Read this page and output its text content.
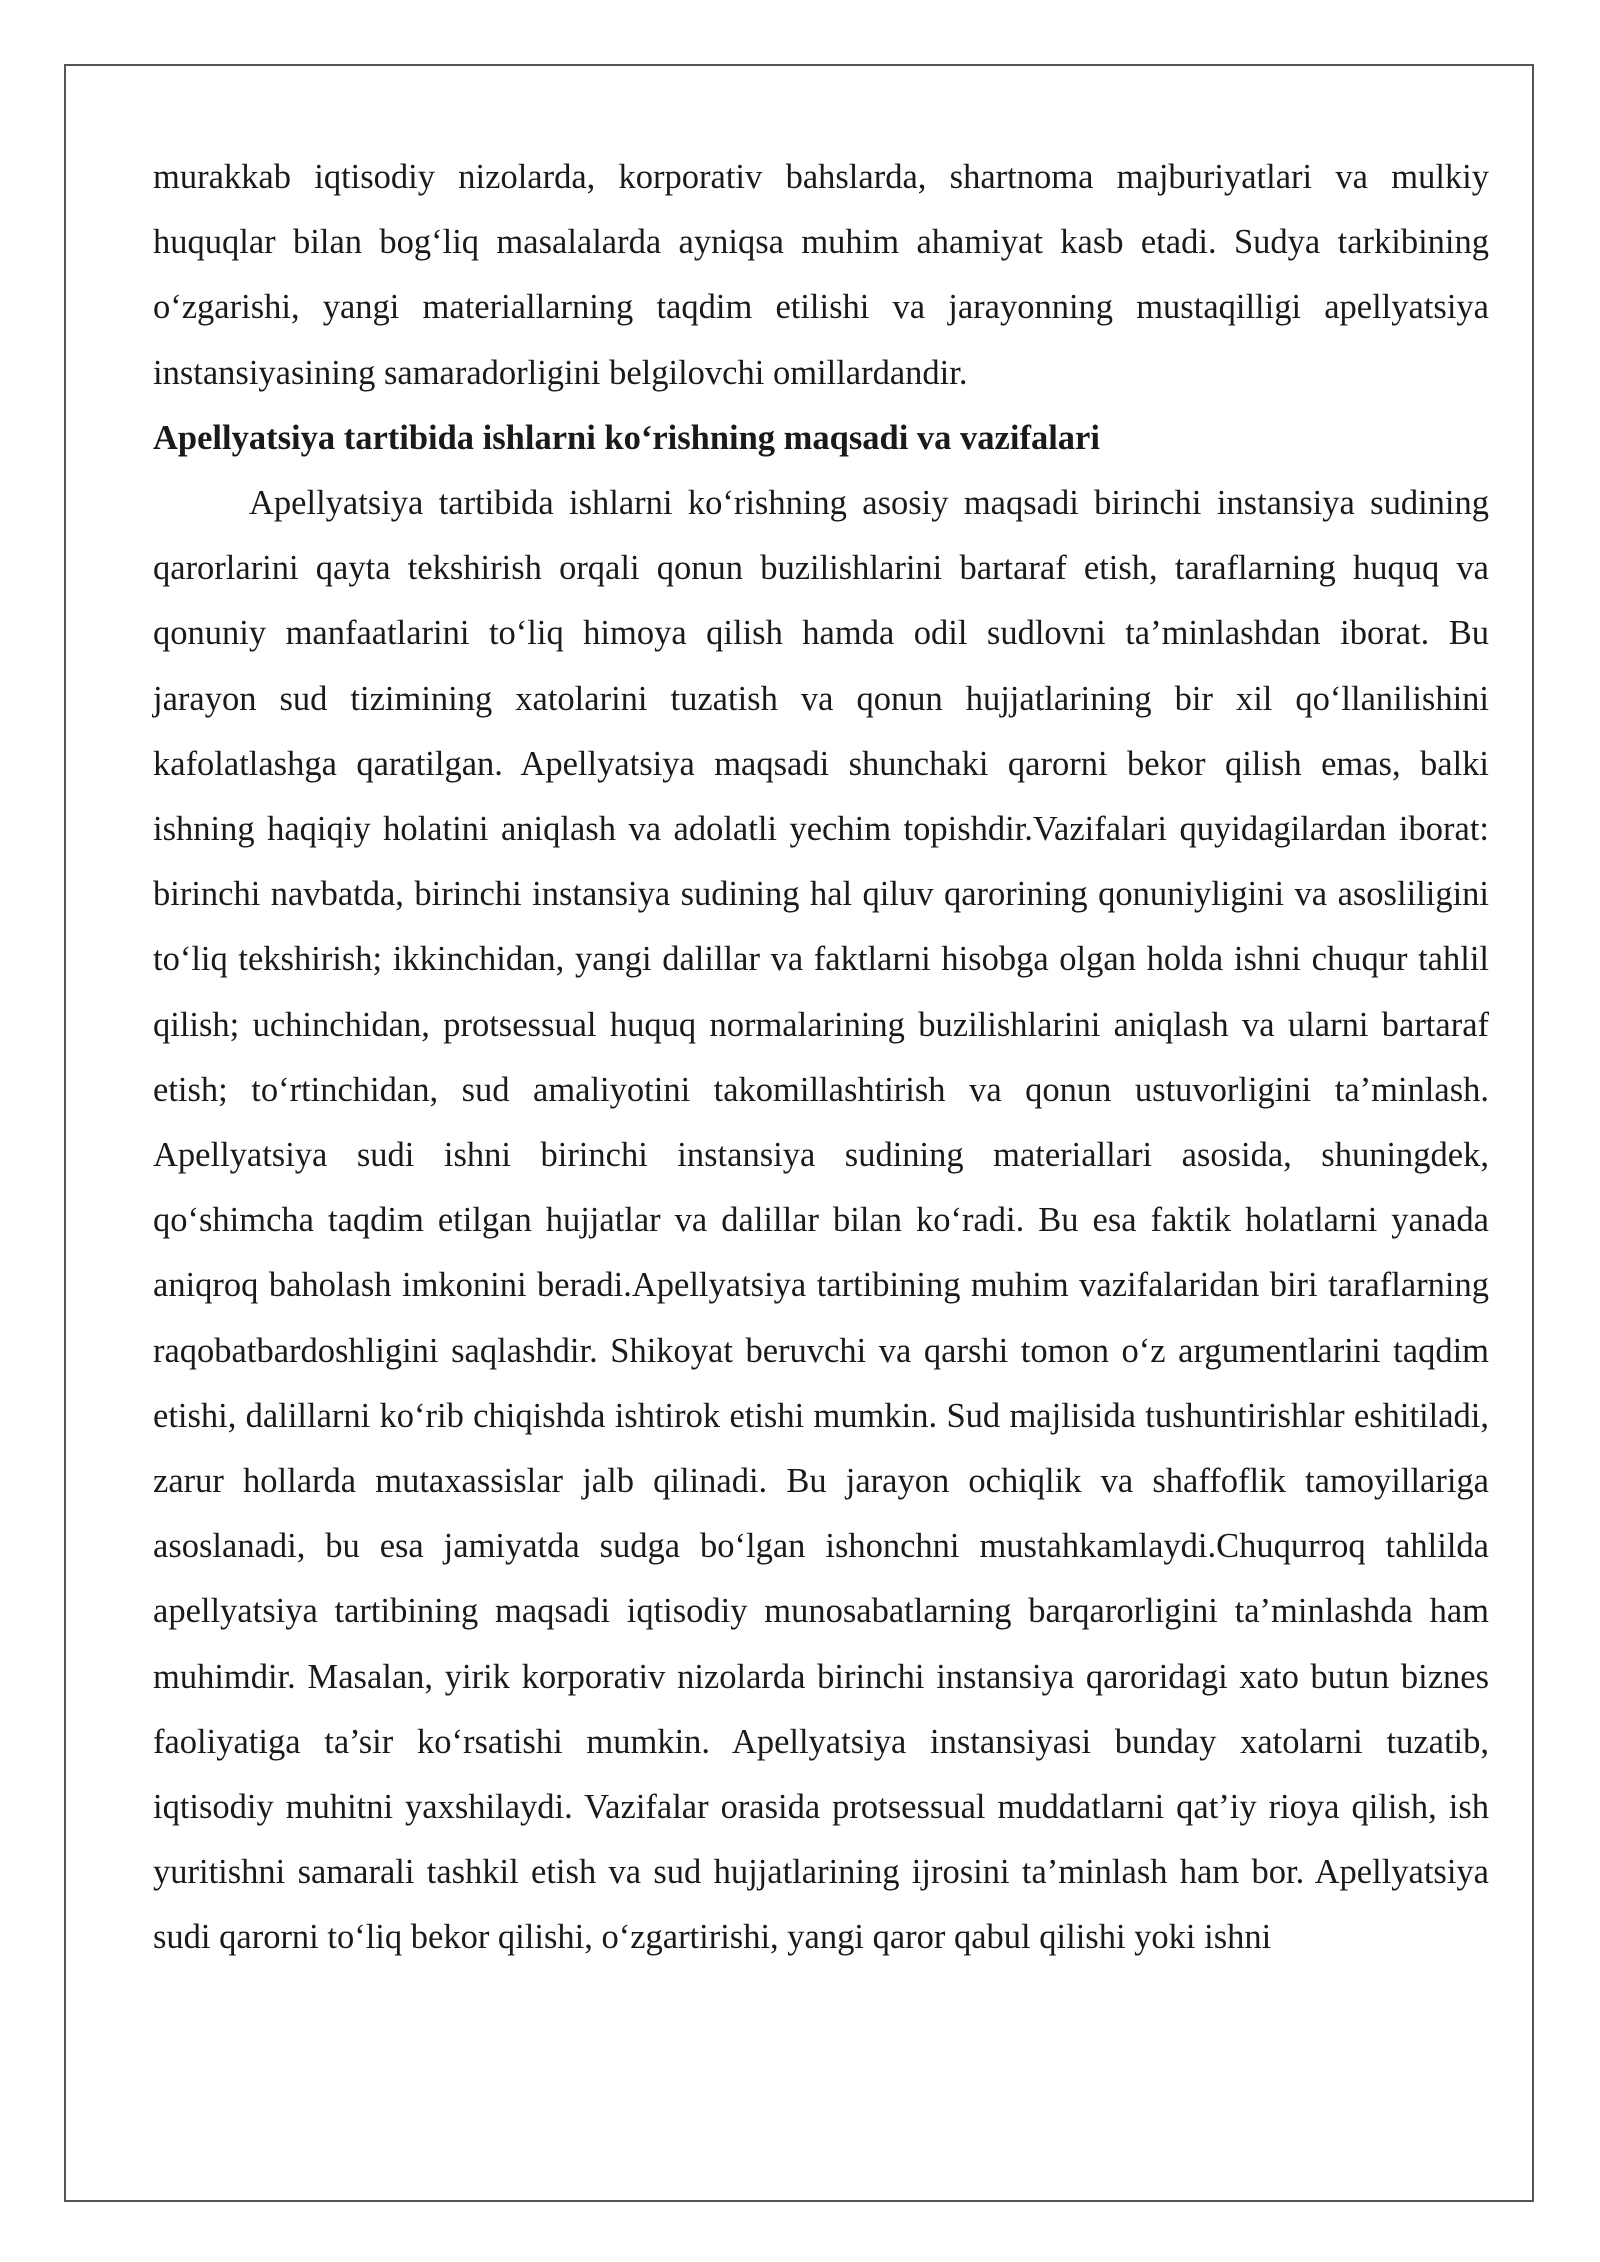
murakkab iqtisodiy nizolarda, korporativ bahslarda, shartnoma majburiyatlari va mulkiy huquqlar bilan bog‘liq masalalarda ayniqsa muhim ahamiyat kasb etadi. Sudya tarkibining o‘zgarishi, yangi materiallarning taqdim etilishi va jarayonning mustaqilligi apellyatsiya instansiyasining samaradorligini belgilovchi omillardandir.

Apellyatsiya tartibida ishlarni ko‘rishning maqsadi va vazifalari

Apellyatsiya tartibida ishlarni ko‘rishning asosiy maqsadi birinchi instansiya sudining qarorlarini qayta tekshirish orqali qonun buzilishlarini bartaraf etish, taraflarning huquq va qonuniy manfaatlarini to‘liq himoya qilish hamda odil sudlovni ta’minlashdan iborat. Bu jarayon sud tizimining xatolarini tuzatish va qonun hujjatlarining bir xil qo‘llanilishini kafolatlashga qaratilgan. Apellyatsiya maqsadi shunchaki qarorni bekor qilish emas, balki ishning haqiqiy holatini aniqlash va adolatli yechim topishdir.Vazifalari quyidagilardan iborat: birinchi navbatda, birinchi instansiya sudining hal qiluv qarorining qonuniyligini va asosliligini to‘liq tekshirish; ikkinchidan, yangi dalillar va faktlarni hisobga olgan holda ishni chuqur tahlil qilish; uchinchidan, protsessual huquq normalarining buzilishlarini aniqlash va ularni bartaraf etish; to‘rtinchidan, sud amaliyotini takomillashtirish va qonun ustuvorligini ta’minlash. Apellyatsiya sudi ishni birinchi instansiya sudining materiallari asosida, shuningdek, qo‘shimcha taqdim etilgan hujjatlar va dalillar bilan ko‘radi. Bu esa faktik holatlarni yanada aniqroq baholash imkonini beradi.Apellyatsiya tartibining muhim vazifalaridan biri taraflarning raqobatbardoshligini saqlashdir. Shikoyat beruvchi va qarshi tomon o‘z argumentlarini taqdim etishi, dalillarni ko‘rib chiqishda ishtirok etishi mumkin. Sud majlisida tushuntirishlar eshitiladi, zarur hollarda mutaxassislar jalb qilinadi. Bu jarayon ochiqlik va shaffoflik tamoyillariga asoslanadi, bu esa jamiyatda sudga bo‘lgan ishonchni mustahkamlaydi.Chuqurroq tahlilda apellyatsiya tartibining maqsadi iqtisodiy munosabatlarning barqarorligini ta’minlashda ham muhimdir. Masalan, yirik korporativ nizolarda birinchi instansiya qaroridagi xato butun biznes faoliyatiga ta’sir ko‘rsatishi mumkin. Apellyatsiya instansiyasi bunday xatolarni tuzatib, iqtisodiy muhitni yaxshilaydi. Vazifalar orasida protsessual muddatlarni qat’iy rioya qilish, ish yuritishni samarali tashkil etish va sud hujjatlarining ijrosini ta’minlash ham bor. Apellyatsiya sudi qarorni to‘liq bekor qilishi, o‘zgartirishi, yangi qaror qabul qilishi yoki ishni
